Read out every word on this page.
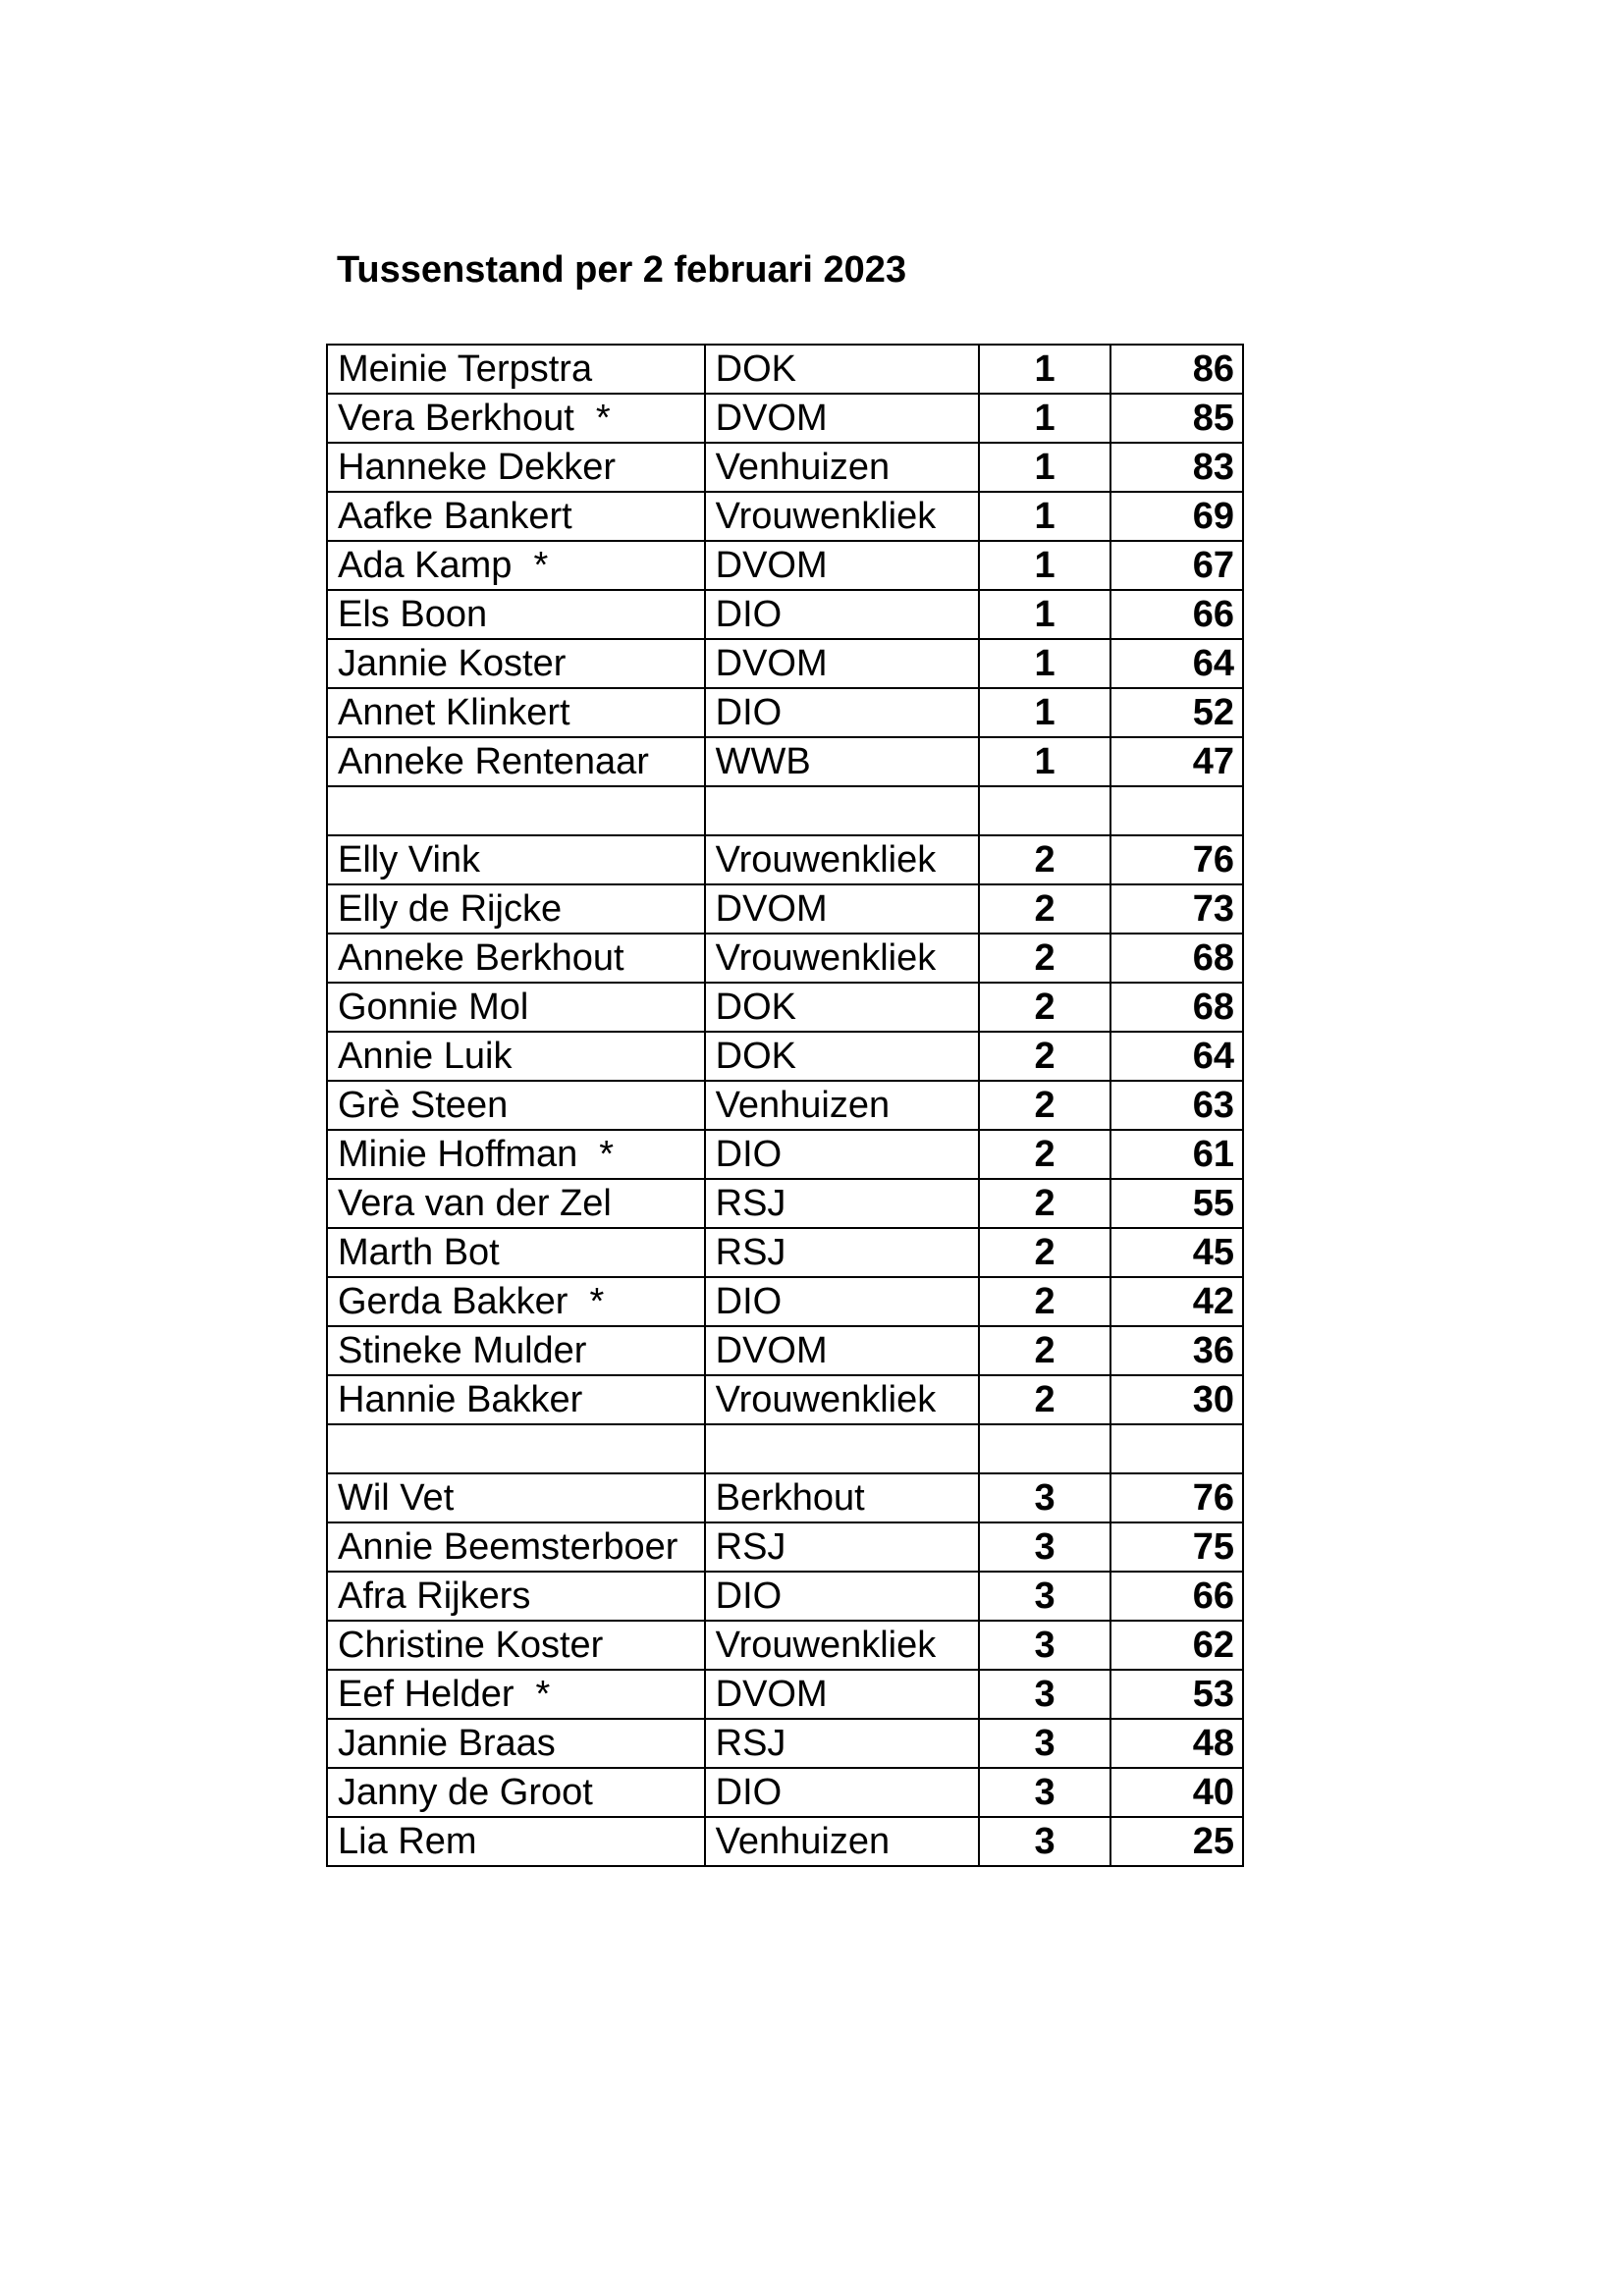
Tussenstand per 2 februari 2023
Meinie Terpstra	DOK	1	86
Vera Berkhout *	DVOM	1	85
Hanneke Dekker	Venhuizen	1	83
Aafke Bankert	Vrouwenkliek	1	69
Ada Kamp *	DVOM	1	67
Els Boon	DIO	1	66
Jannie Koster	DVOM	1	64
Annet Klinkert	DIO	1	52
Anneke Rentenaar	WWB	1	47

Elly Vink	Vrouwenkliek	2	76
Elly de Rijcke	DVOM	2	73
Anneke Berkhout	Vrouwenkliek	2	68
Gonnie Mol	DOK	2	68
Annie Luik	DOK	2	64
Grè Steen	Venhuizen	2	63
Minie Hoffman *	DIO	2	61
Vera van der Zel	RSJ	2	55
Marth Bot	RSJ	2	45
Gerda Bakker *	DIO	2	42
Stineke Mulder	DVOM	2	36
Hannie Bakker	Vrouwenkliek	2	30

Wil Vet	Berkhout	3	76
Annie Beemsterboer	RSJ	3	75
Afra Rijkers	DIO	3	66
Christine Koster	Vrouwenkliek	3	62
Eef Helder *	DVOM	3	53
Jannie Braas	RSJ	3	48
Janny de Groot	DIO	3	40
Lia Rem	Venhuizen	3	25
